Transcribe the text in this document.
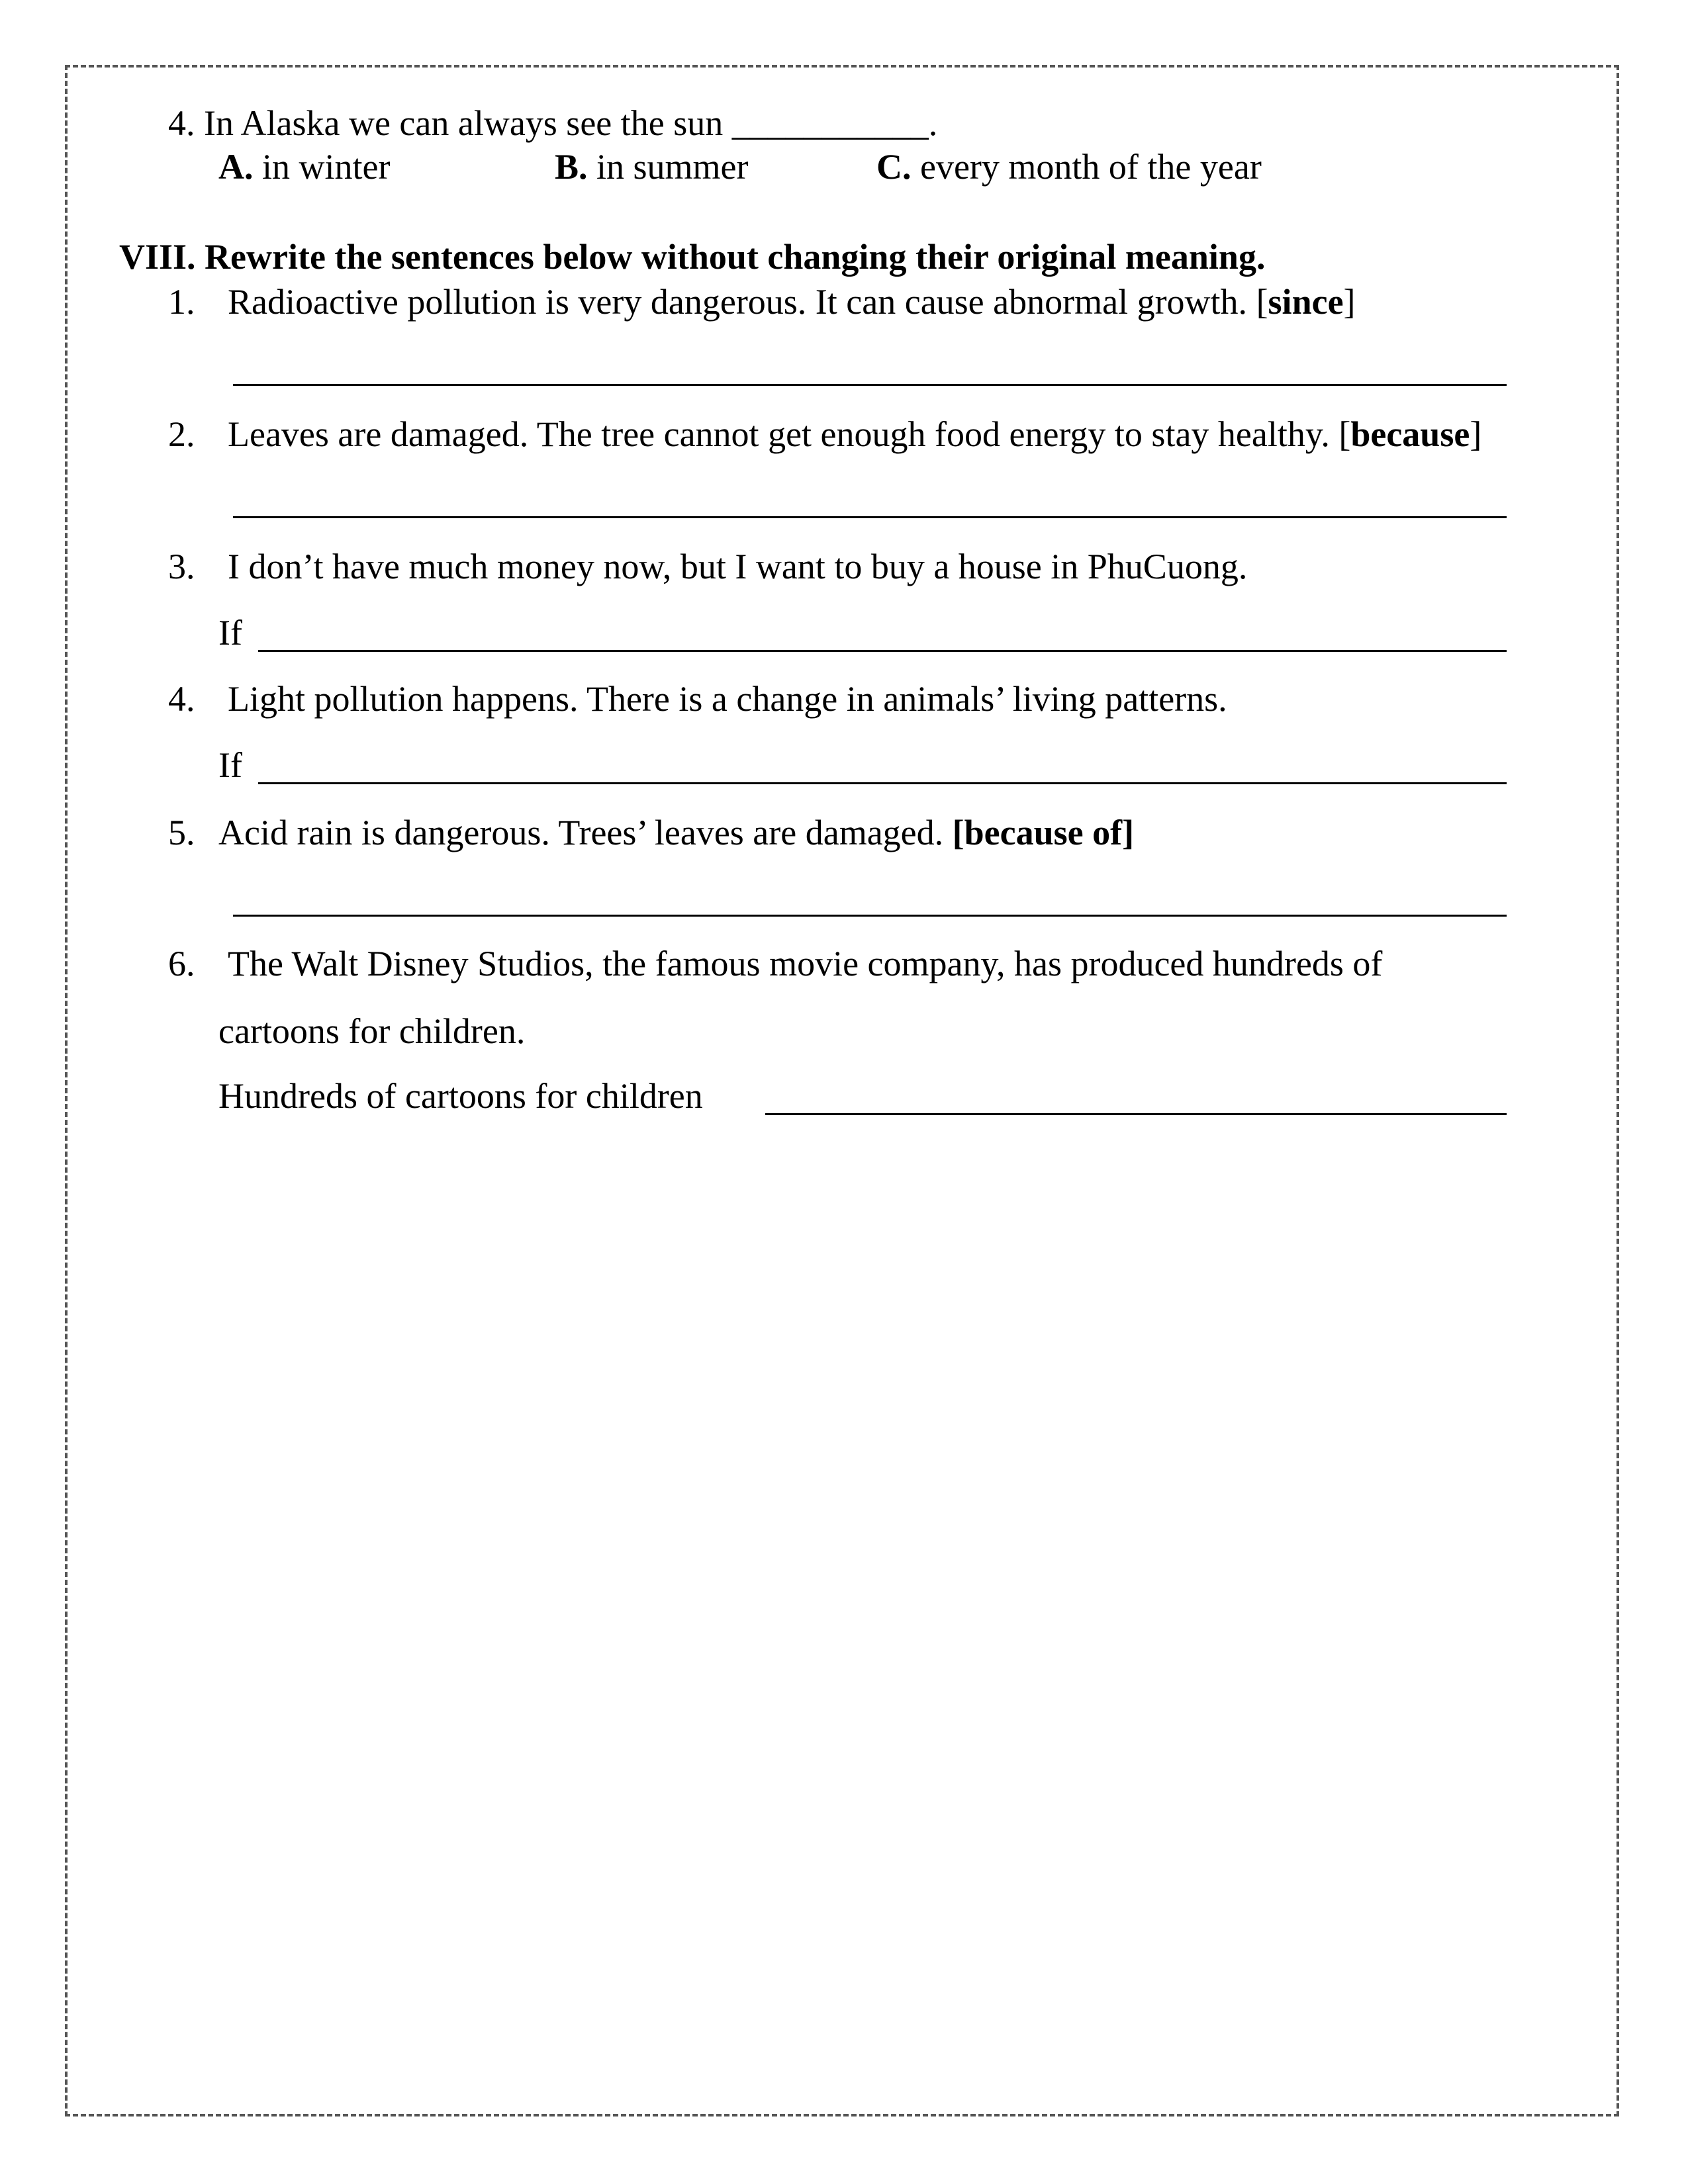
4. In Alaska we can always see the sun ___________.
A. in winter	B. in summer	C. every month of the year
VIII. Rewrite the sentences below without changing their original meaning.
1. Radioactive pollution is very dangerous. It can cause abnormal growth. [since]
2. Leaves are damaged. The tree cannot get enough food energy to stay healthy. [because]
3. I don’t have much money now, but I want to buy a house in PhuCuong.
If
4. Light pollution happens. There is a change in animals’ living patterns.
If
5. Acid rain is dangerous. Trees’ leaves are damaged. [because of]
6. The Walt Disney Studios, the famous movie company, has produced hundreds of
cartoons for children.
Hundreds of cartoons for children
